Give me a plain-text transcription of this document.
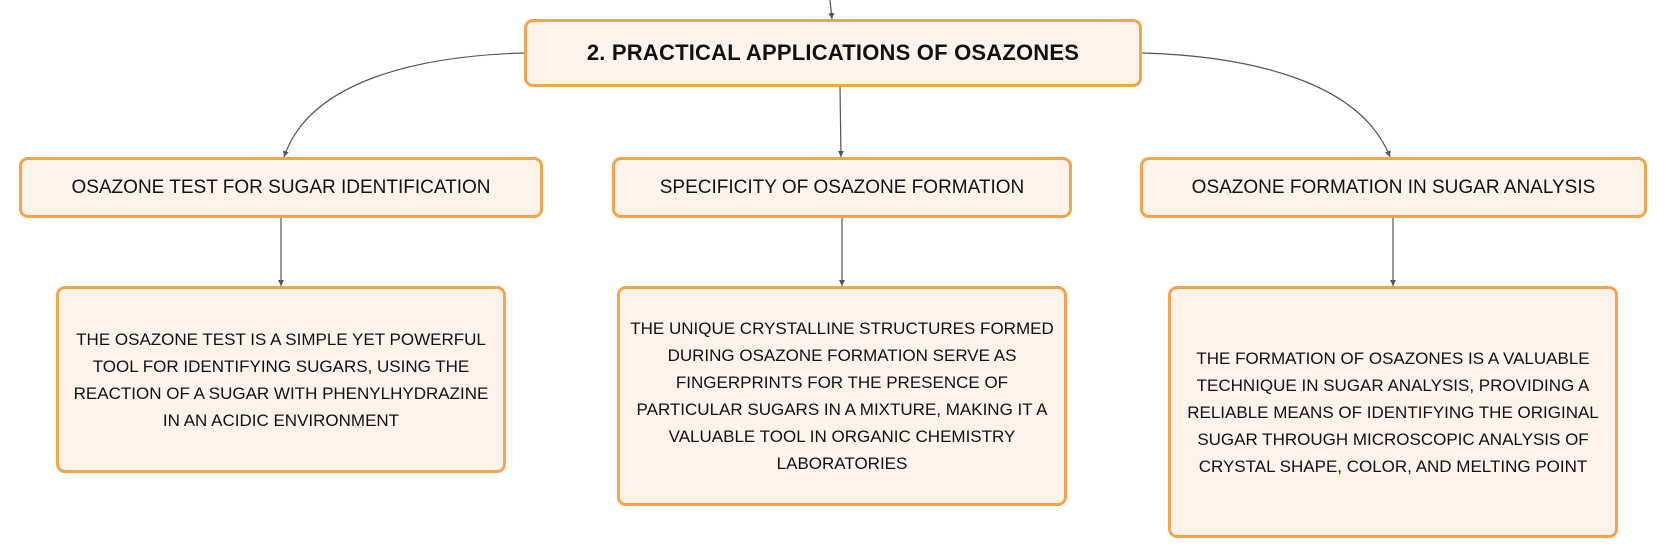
2. PRACTICAL APPLICATIONS OF OSAZONES
OSAZONE TEST FOR SUGAR IDENTIFICATION	SPECIFICITY OF OSAZONE FORMATION	OSAZONE FORMATION IN SUGAR ANALYSIS
THE OSAZONE TEST IS A SIMPLE YET POWERFUL TOOL FOR IDENTIFYING SUGARS, USING THE REACTION OF A SUGAR WITH PHENYLHYDRAZINE IN AN ACIDIC ENVIRONMENT
THE UNIQUE CRYSTALLINE STRUCTURES FORMED DURING OSAZONE FORMATION SERVE AS FINGERPRINTS FOR THE PRESENCE OF PARTICULAR SUGARS IN A MIXTURE, MAKING IT A VALUABLE TOOL IN ORGANIC CHEMISTRY LABORATORIES
THE FORMATION OF OSAZONES IS A VALUABLE TECHNIQUE IN SUGAR ANALYSIS, PROVIDING A RELIABLE MEANS OF IDENTIFYING THE ORIGINAL SUGAR THROUGH MICROSCOPIC ANALYSIS OF CRYSTAL SHAPE, COLOR, AND MELTING POINT
